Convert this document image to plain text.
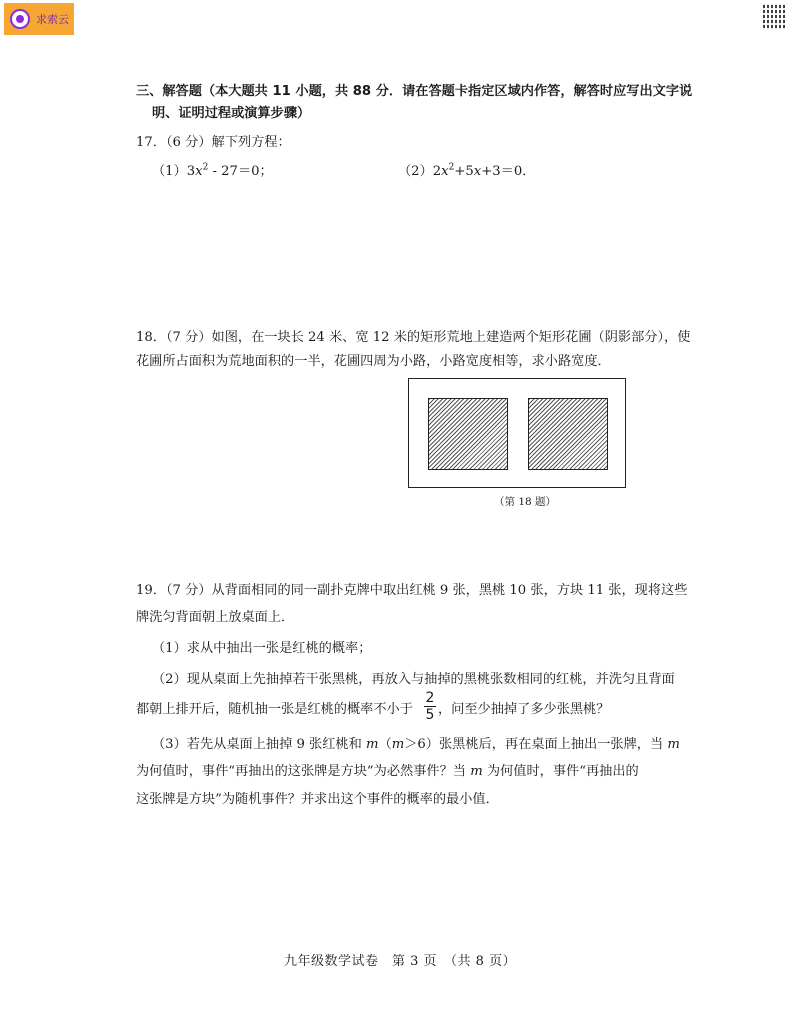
求索云
三、解答题（本大题共 11 小题，共 88 分．请在答题卡指定区域内作答，解答时应写出文字说
明、证明过程或演算步骤）
17．（6 分）解下列方程：
$(1)3x^2 - 27=0$；	$(2)2x^2+5x+3=0$．
18．（7 分）如图，在一块长 24 米、宽 12 米的矩形荒地上建造两个矩形花圃（阴影部分），使
花圃所占面积为荒地面积的一半，花圃四周为小路，小路宽度相等，求小路宽度．
（第 18 题）
19．（7 分）从背面相同的同一副扑克牌中取出红桃 9 张，黑桃 10 张，方块 11 张，现将这些
牌洗匀背面朝上放桌面上．
（1）求从中抽出一张是红桃的概率；
（2）现从桌面上先抽掉若干张黑桃，再放入与抽掉的黑桃张数相同的红桃，并洗匀且背面
都朝上排开后，随机抽一张是红桃的概率不小于 $\frac{2}{5}$ ，问至少抽掉了多少张黑桃？
（3）若先从桌面上抽掉 9 张红桃和 m（m＞6）张黑桃后，再在桌面上抽出一张牌，当 m
为何值时，事件“再抽出的这张牌是方块”为必然事件？当 m 为何值时，事件“再抽出的
这张牌是方块”为随机事件？并求出这个事件的概率的最小值．
九年级数学试卷　第 3 页　（共 8 页）
